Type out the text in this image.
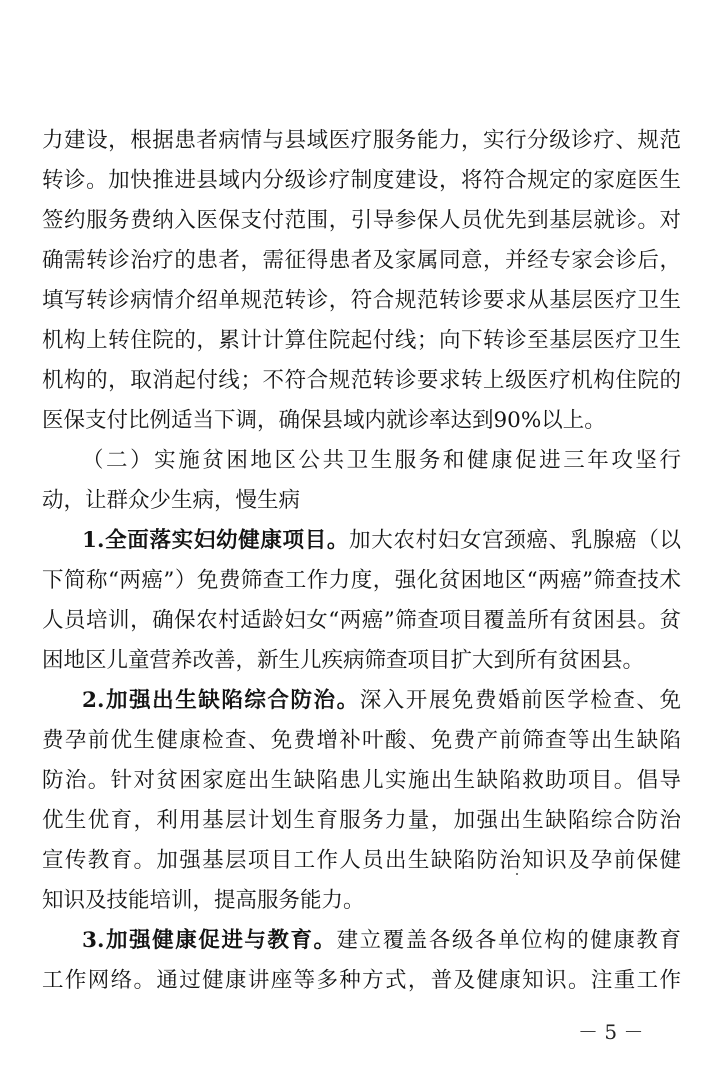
力建设，根据患者病情与县域医疗服务能力，实行分级诊疗、规范
转诊。加快推进县域内分级诊疗制度建设，将符合规定的家庭医生
签约服务费纳入医保支付范围，引导参保人员优先到基层就诊。对
确需转诊治疗的患者，需征得患者及家属同意，并经专家会诊后，
填写转诊病情介绍单规范转诊，符合规范转诊要求从基层医疗卫生
机构上转住院的，累计计算住院起付线；向下转诊至基层医疗卫生
机构的，取消起付线；不符合规范转诊要求转上级医疗机构住院的
医保支付比例适当下调，确保县域内就诊率达到90%以上。
（二）实施贫困地区公共卫生服务和健康促进三年攻坚行
动，让群众少生病，慢生病
1.全面落实妇幼健康项目。加大农村妇女宫颈癌、乳腺癌（以
下简称“两癌”）免费筛查工作力度，强化贫困地区“两癌”筛查技术
人员培训，确保农村适龄妇女“两癌”筛查项目覆盖所有贫困县。贫
困地区儿童营养改善，新生儿疾病筛查项目扩大到所有贫困县。
2.加强出生缺陷综合防治。深入开展免费婚前医学检查、免
费孕前优生健康检查、免费增补叶酸、免费产前筛查等出生缺陷
防治。针对贫困家庭出生缺陷患儿实施出生缺陷救助项目。倡导
优生优育，利用基层计划生育服务力量，加强出生缺陷综合防治
宣传教育。加强基层项目工作人员出生缺陷防治知识及孕前保健
知识及技能培训，提高服务能力。
3.加强健康促进与教育。建立覆盖各级各单位构的健康教育
工作网络。通过健康讲座等多种方式，普及健康知识。注重工作
－ 5 －
